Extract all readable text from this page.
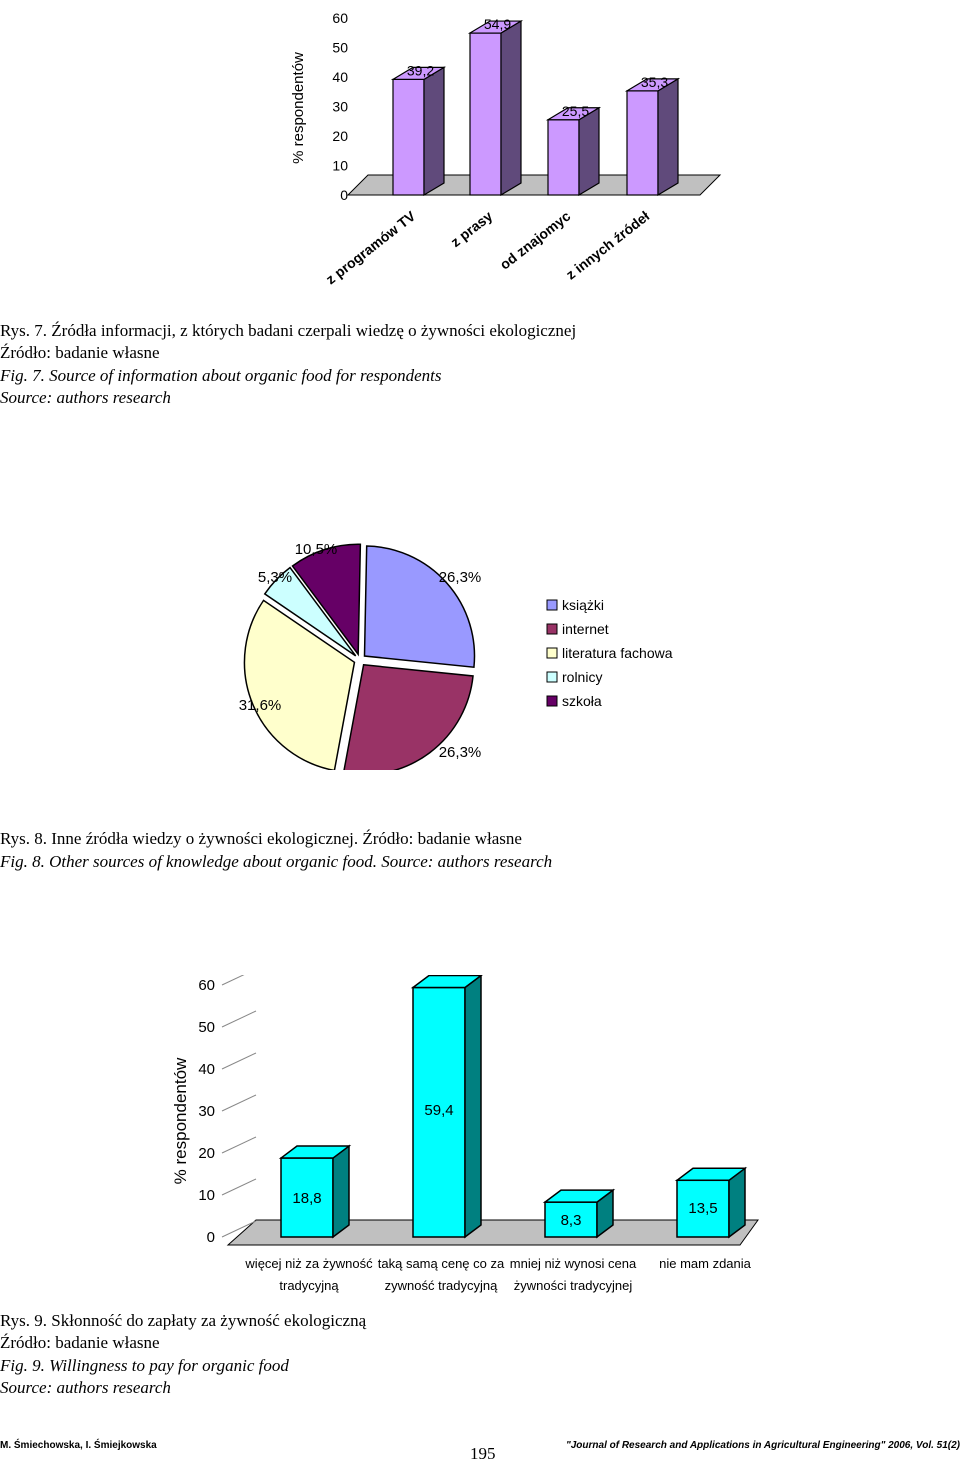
0
10
20
30
40
50
60
39,2
54,9
25,5
35,3
z programów TV z prasy od znajomyc
z innych źródeł
% respondentów
Rys. 7. Źródła informacji, z których badani czerpali wiedzę o żywności ekologicznej
Źródło: badanie własne
Fig. 7. Source of information about organic food for respondents
Source: authors research
26,3%
26,3%
31,6%
5,3%
10,5%
książki
internet
literatura fachowa
rolnicy
szkoła
Rys. 8. Inne źródła wiedzy o żywności ekologicznej. Źródło: badanie własne
Fig. 8. Other sources of knowledge about organic food. Source: authors research
0
10
20
30
40
50
60
18,8
59,4
8,3
13,5
więcej niż za żywność
tradycyjną
taką samą cenę co za
zywność tradycyjną
mniej niż wynosi cena
żywności tradycyjnej
nie mam zdania
% respondentów
Rys. 9. Skłonność do zapłaty za żywność ekologiczną
Źródło: badanie własne
Fig. 9. Willingness to pay for organic food
Source: authors research
M. Śmiechowska, I. Śmiejkowska	195	"Journal of Research and Applications in Agricultural Engineering" 2006, Vol. 51(2)
